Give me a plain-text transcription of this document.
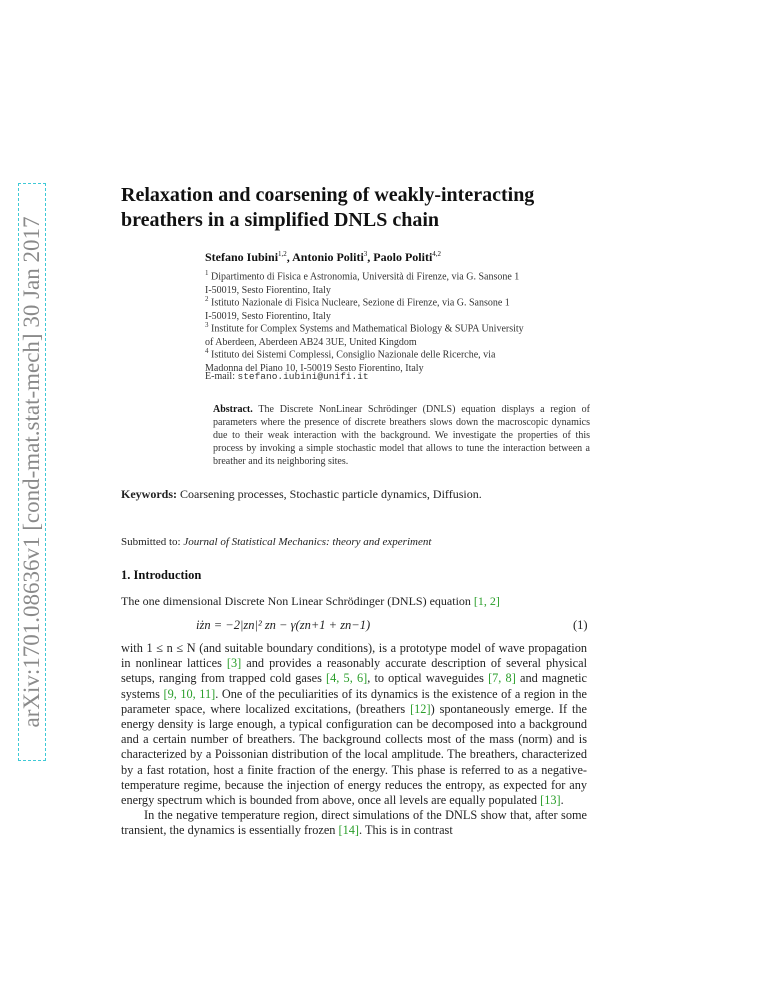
arXiv:1701.08636v1 [cond-mat.stat-mech] 30 Jan 2017
Relaxation and coarsening of weakly-interacting
breathers in a simplified DNLS chain
Stefano Iubini$^{1,2}$, Antonio Politi$^3$, Paolo Politi$^{4,2}$
$^1$ Dipartimento di Fisica e Astronomia, Università di Firenze, via G. Sansone 1
I-50019, Sesto Fiorentino, Italy
$^2$ Istituto Nazionale di Fisica Nucleare, Sezione di Firenze, via G. Sansone 1
I-50019, Sesto Fiorentino, Italy
$^3$ Institute for Complex Systems and Mathematical Biology & SUPA University
of Aberdeen, Aberdeen AB24 3UE, United Kingdom
$^4$ Istituto dei Sistemi Complessi, Consiglio Nazionale delle Ricerche, via
Madonna del Piano 10, I-50019 Sesto Fiorentino, Italy
E-mail: stefano.iubini@unifi.it
Abstract. The Discrete NonLinear Schrödinger (DNLS) equation displays a region of parameters where the presence of discrete breathers slows down the macroscopic dynamics due to their weak interaction with the background. We investigate the properties of this process by invoking a simple stochastic model that allows to tune the interaction between a breather and its neighboring sites.
Keywords: Coarsening processes, Stochastic particle dynamics, Diffusion.
Submitted to: Journal of Statistical Mechanics: theory and experiment
1. Introduction
The one dimensional Discrete Non Linear Schrödinger (DNLS) equation [1, 2]
iżn = −2|zn|² zn − γ(zn+1 + zn−1)	(1)

with 1 ≤ n ≤ N (and suitable boundary conditions), is a prototype model of wave propagation in nonlinear lattices [3] and provides a reasonably accurate description of several physical setups, ranging from trapped cold gases [4, 5, 6], to optical waveguides [7, 8] and magnetic systems [9, 10, 11]. One of the peculiarities of its dynamics is the existence of a region in the parameter space, where localized excitations, (breathers [12]) spontaneously emerge. If the energy density is large enough, a typical configuration can be decomposed into a background and a certain number of breathers. The background collects most of the mass (norm) and is characterized by a Poissonian distribution of the local amplitude. The breathers, characterized by a fast rotation, host a finite fraction of the energy. This phase is referred to as a negative-temperature regime, because the injection of energy reduces the entropy, as expected for any energy spectrum which is bounded from above, once all levels are equally populated [13].

In the negative temperature region, direct simulations of the DNLS show that, after some transient, the dynamics is essentially frozen [14]. This is in contrast
